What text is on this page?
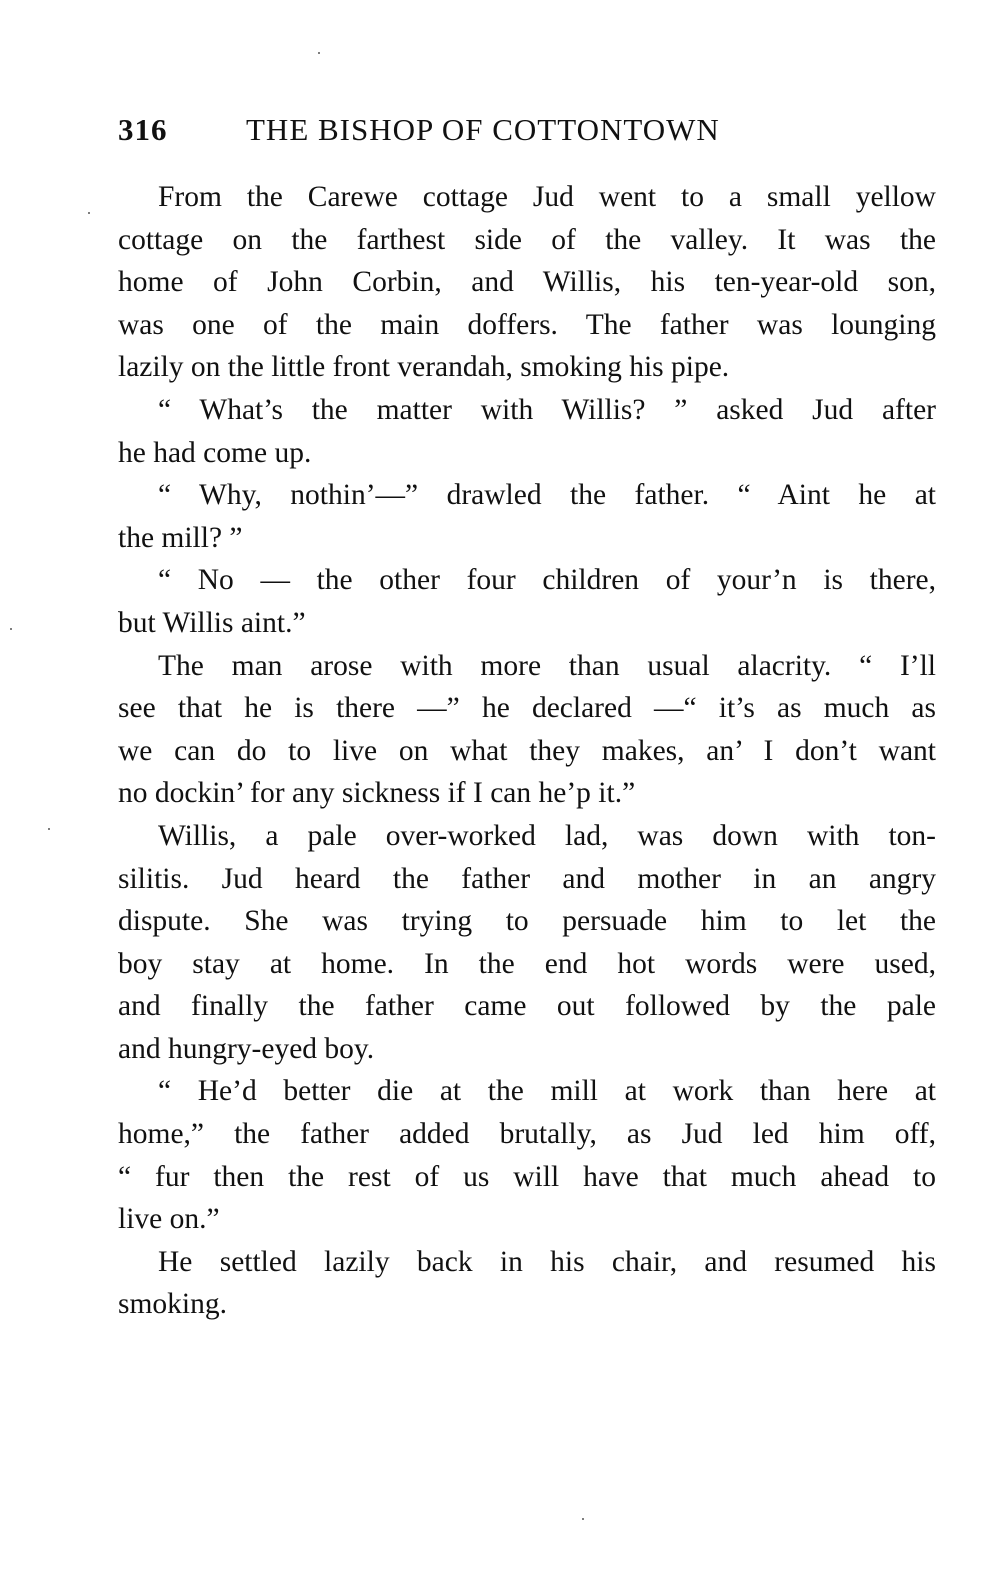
316	THE BISHOP OF COTTONTOWN
From the Carewe cottage Jud went to a small yellow
cottage on the farthest side of the valley. It was the
home of John Corbin, and Willis, his ten-year-old son,
was one of the main doffers. The father was lounging
lazily on the little front verandah, smoking his pipe.
“ What’s the matter with Willis? ” asked Jud after
he had come up.
“ Why, nothin’—” drawled the father. “ Aint he at
the mill? ”
“ No — the other four children of your’n is there,
but Willis aint.”
The man arose with more than usual alacrity. “ I’ll
see that he is there —” he declared —“ it’s as much as
we can do to live on what they makes, an’ I don’t want
no dockin’ for any sickness if I can he’p it.”
Willis, a pale over-worked lad, was down with ton-
silitis. Jud heard the father and mother in an angry
dispute. She was trying to persuade him to let the
boy stay at home. In the end hot words were used,
and finally the father came out followed by the pale
and hungry-eyed boy.
“ He’d better die at the mill at work than here at
home,” the father added brutally, as Jud led him off,
“ fur then the rest of us will have that much ahead to
live on.”
He settled lazily back in his chair, and resumed his
smoking.
